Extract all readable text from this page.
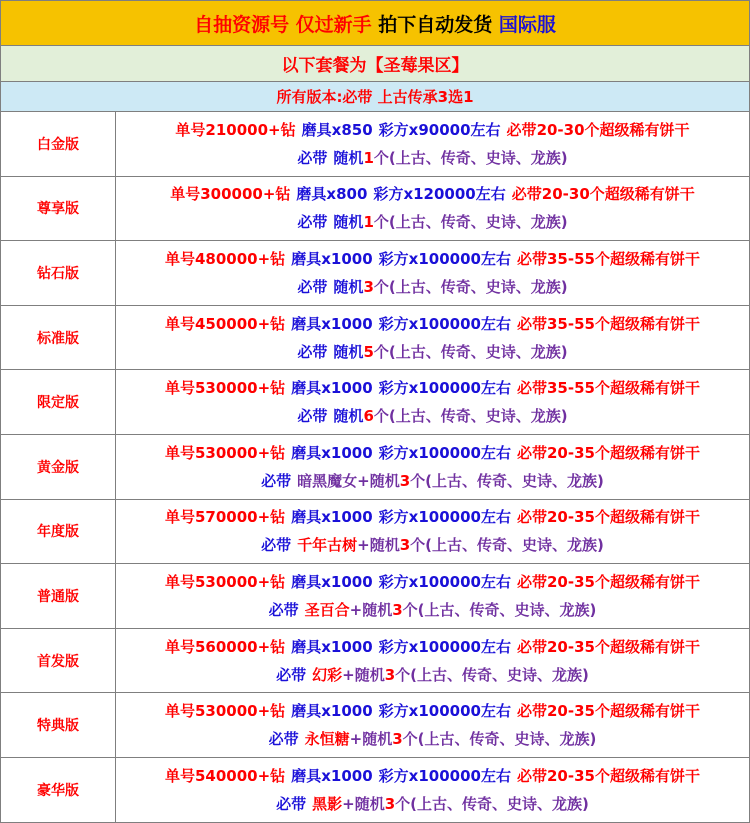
自抽资源号 仅过新手 拍下自动发货 国际服
以下套餐为【圣莓果区】
所有版本:必带 上古传承3选1
白金版
单号210000+钻 磨具x850 彩方x90000左右 必带20-30个超级稀有饼干
必带 随机1个(上古、传奇、史诗、龙族)
尊享版
单号300000+钻 磨具x800 彩方x120000左右 必带20-30个超级稀有饼干
必带 随机1个(上古、传奇、史诗、龙族)
钻石版
单号480000+钻 磨具x1000 彩方x100000左右 必带35-55个超级稀有饼干
必带 随机3个(上古、传奇、史诗、龙族)
标准版
单号450000+钻 磨具x1000 彩方x100000左右 必带35-55个超级稀有饼干
必带 随机5个(上古、传奇、史诗、龙族)
限定版
单号530000+钻 磨具x1000 彩方x100000左右 必带35-55个超级稀有饼干
必带 随机6个(上古、传奇、史诗、龙族)
黄金版
单号530000+钻 磨具x1000 彩方x100000左右 必带20-35个超级稀有饼干
必带 暗黑魔女+随机3个(上古、传奇、史诗、龙族)
年度版
单号570000+钻 磨具x1000 彩方x100000左右 必带20-35个超级稀有饼干
必带 千年古树+随机3个(上古、传奇、史诗、龙族)
普通版
单号530000+钻 磨具x1000 彩方x100000左右 必带20-35个超级稀有饼干
必带 圣百合+随机3个(上古、传奇、史诗、龙族)
首发版
单号560000+钻 磨具x1000 彩方x100000左右 必带20-35个超级稀有饼干
必带 幻彩+随机3个(上古、传奇、史诗、龙族)
特典版
单号530000+钻 磨具x1000 彩方x100000左右 必带20-35个超级稀有饼干
必带 永恒糖+随机3个(上古、传奇、史诗、龙族)
豪华版
单号540000+钻 磨具x1000 彩方x100000左右 必带20-35个超级稀有饼干
必带 黑影+随机3个(上古、传奇、史诗、龙族)
